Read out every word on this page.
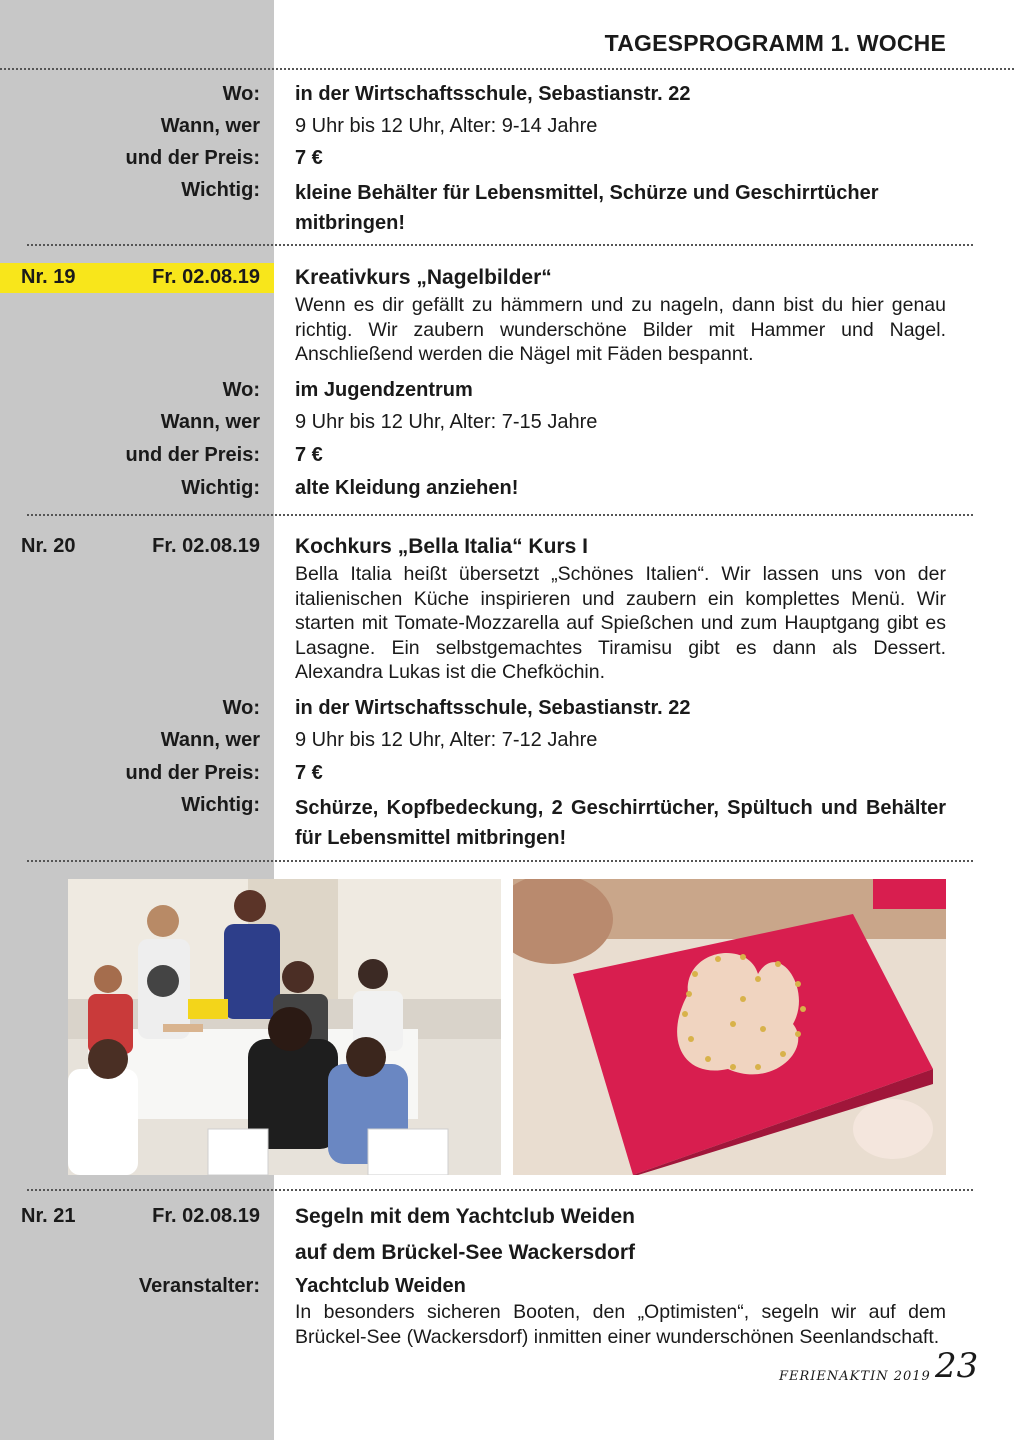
TAGESPROGRAMM 1. WOCHE
Wo: in der Wirtschaftsschule, Sebastianstr. 22
Wann, wer 9 Uhr bis 12 Uhr, Alter: 9-14 Jahre
und der Preis: 7 €
Wichtig: kleine Behälter für Lebensmittel, Schürze und Geschirrtücher mitbringen!
Nr. 19	Fr. 02.08.19 Kreativkurs „Nagelbilder“
Wenn es dir gefällt zu hämmern und zu nageln, dann bist du hier genau richtig. Wir zaubern wunderschöne Bilder mit Hammer und Nagel. Anschließend werden die Nägel mit Fäden bespannt.
Wo: im Jugendzentrum
Wann, wer 9 Uhr bis 12 Uhr, Alter: 7-15 Jahre
und der Preis: 7 €
Wichtig: alte Kleidung anziehen!
Nr. 20	Fr. 02.08.19 Kochkurs „Bella Italia“ Kurs I
Bella Italia heißt übersetzt „Schönes Italien“. Wir lassen uns von der italienischen Küche inspirieren und zaubern ein komplettes Menü. Wir starten mit Tomate-Mozzarella auf Spießchen und zum Hauptgang gibt es Lasagne. Ein selbstgemachtes Tiramisu gibt es dann als Dessert. Alexandra Lukas ist die Chefköchin.
Wo: in der Wirtschaftsschule, Sebastianstr. 22
Wann, wer 9 Uhr bis 12 Uhr, Alter: 7-12 Jahre
und der Preis: 7 €
Wichtig: Schürze, Kopfbedeckung, 2 Geschirrtücher, Spültuch und Behälter für Lebensmittel mitbringen!
Nr. 21	Fr. 02.08.19 Segeln mit dem Yachtclub Weiden
auf dem Brückel-See Wackersdorf
Veranstalter: Yachtclub Weiden
In besonders sicheren Booten, den „Optimisten“, segeln wir auf dem Brückel-See (Wackersdorf) inmitten einer wunderschönen Seenlandschaft.
FERIENAKTIN 2019 23
